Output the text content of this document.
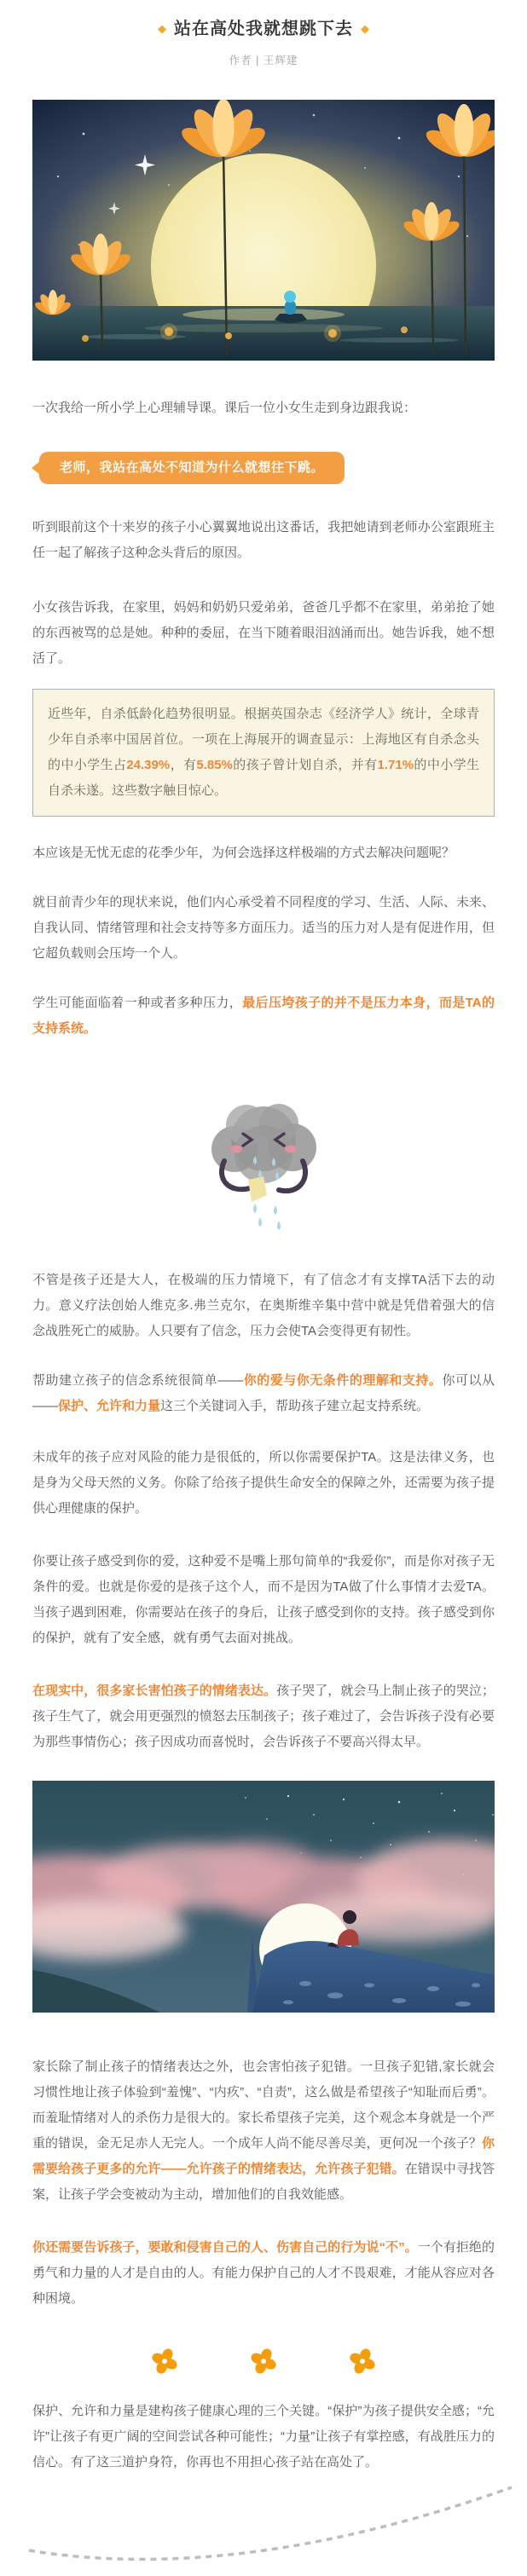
◆ 站在高处我就想跳下去 ◆
作者 | 王辉建

一次我给一所小学上心理辅导课。课后一位小女生走到身边跟我说：

老师，我站在高处不知道为什么就想往下跳。

听到眼前这个十来岁的孩子小心翼翼地说出这番话，我把她请到老师办公室跟班主任一起了解孩子这种念头背后的原因。

小女孩告诉我，在家里，妈妈和奶奶只爱弟弟，爸爸几乎都不在家里，弟弟抢了她的东西被骂的总是她。种种的委屈，在当下随着眼泪汹涌而出。她告诉我，她不想活了。

近些年，自杀低龄化趋势很明显。根据英国杂志《经济学人》统计，全球青少年自杀率中国居首位。一项在上海展开的调查显示：上海地区有自杀念头的中小学生占24.39%，有5.85%的孩子曾计划自杀，并有1.71%的中小学生自杀未遂。这些数字触目惊心。

本应该是无忧无虑的花季少年，为何会选择这样极端的方式去解决问题呢？

就目前青少年的现状来说，他们内心承受着不同程度的学习、生活、人际、未来、自我认同、情绪管理和社会支持等多方面压力。适当的压力对人是有促进作用，但它超负载则会压垮一个人。

学生可能面临着一种或者多种压力，最后压垮孩子的并不是压力本身，而是TA的支持系统。

不管是孩子还是大人，在极端的压力情境下，有了信念才有支撑TA活下去的动力。意义疗法创始人维克多.弗兰克尔，在奥斯维辛集中营中就是凭借着强大的信念战胜死亡的威胁。人只要有了信念，压力会使TA会变得更有韧性。

帮助建立孩子的信念系统很简单——你的爱与你无条件的理解和支持。你可以从——保护、允许和力量这三个关键词入手，帮助孩子建立起支持系统。

未成年的孩子应对风险的能力是很低的，所以你需要保护TA。这是法律义务，也是身为父母天然的义务。你除了给孩子提供生命安全的保障之外，还需要为孩子提供心理健康的保护。

你要让孩子感受到你的爱，这种爱不是嘴上那句简单的“我爱你”，而是你对孩子无条件的爱。也就是你爱的是孩子这个人，而不是因为TA做了什么事情才去爱TA。当孩子遇到困难，你需要站在孩子的身后，让孩子感受到你的支持。孩子感受到你的保护，就有了安全感，就有勇气去面对挑战。

在现实中，很多家长害怕孩子的情绪表达。孩子哭了，就会马上制止孩子的哭泣；孩子生气了，就会用更强烈的愤怒去压制孩子；孩子难过了，会告诉孩子没有必要为那些事情伤心；孩子因成功而喜悦时，会告诉孩子不要高兴得太早。

家长除了制止孩子的情绪表达之外，也会害怕孩子犯错。一旦孩子犯错,家长就会习惯性地让孩子体验到“羞愧”、“内疚”、“自责”，这么做是希望孩子“知耻而后勇”。而羞耻情绪对人的杀伤力是很大的。家长希望孩子完美，这个观念本身就是一个严重的错误，金无足赤人无完人。一个成年人尚不能尽善尽美，更何况一个孩子？你需要给孩子更多的允许——允许孩子的情绪表达，允许孩子犯错。在错误中寻找答案，让孩子学会变被动为主动，增加他们的自我效能感。

你还需要告诉孩子，要敢和侵害自己的人、伤害自己的行为说“不”。一个有拒绝的勇气和力量的人才是自由的人。有能力保护自己的人才不畏艰难，才能从容应对各种困境。

保护、允许和力量是建构孩子健康心理的三个关键。“保护”为孩子提供安全感；“允许”让孩子有更广阔的空间尝试各种可能性；“力量”让孩子有掌控感，有战胜压力的信心。有了这三道护身符，你再也不用担心孩子站在高处了。
